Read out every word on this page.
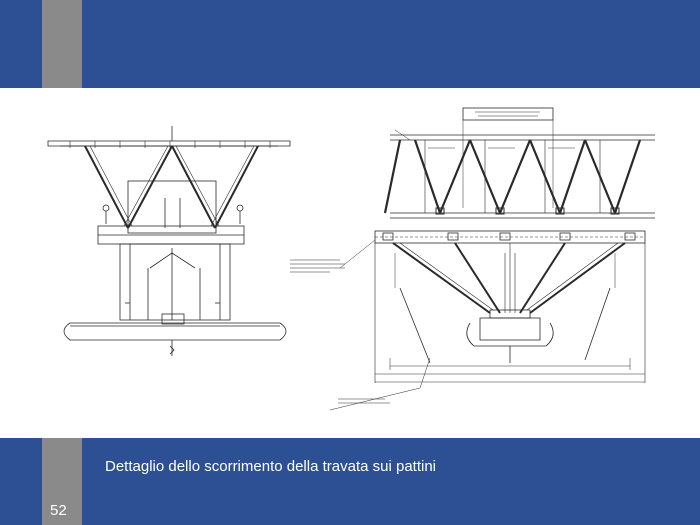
Dettaglio dello scorrimento della travata sui pattini
52
